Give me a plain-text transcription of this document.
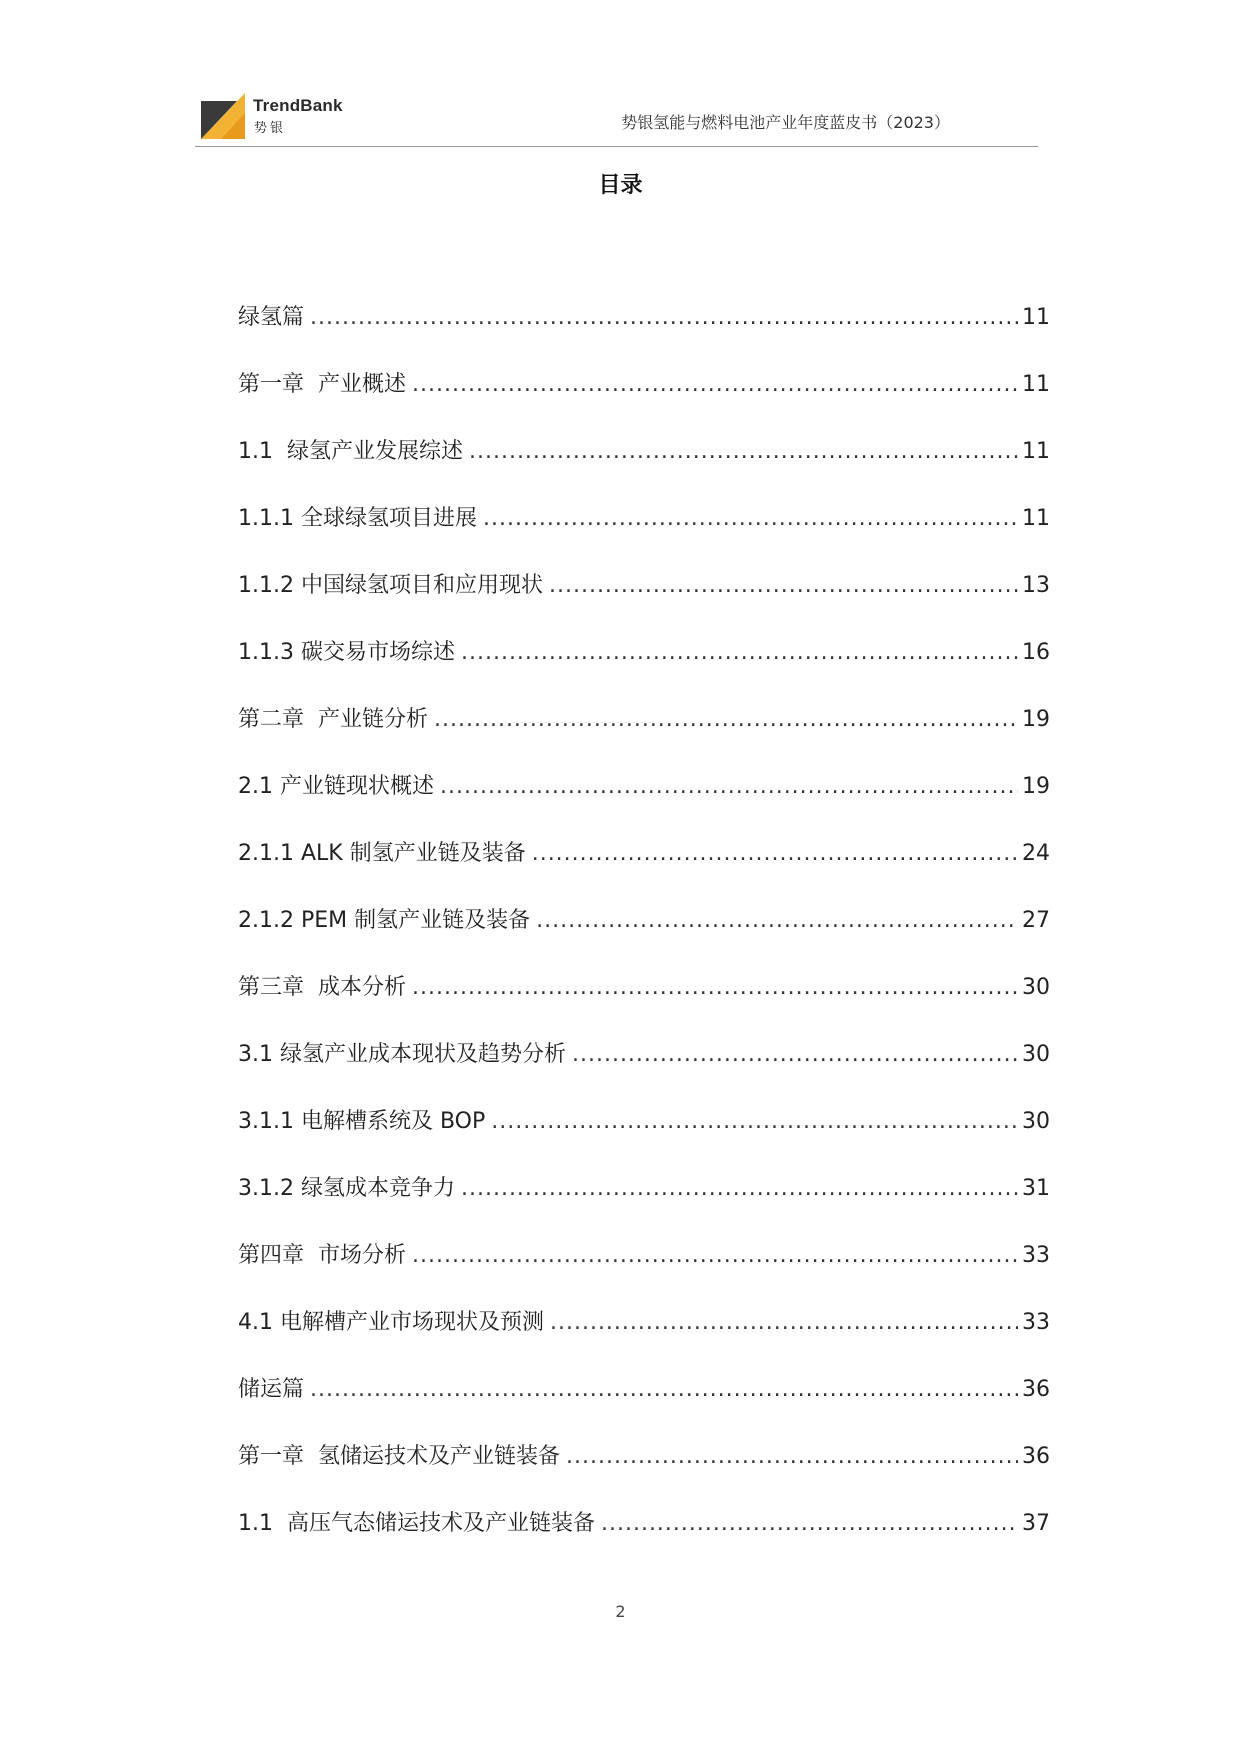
TrendBank
势银	势银氢能与燃料电池产业年度蓝皮书（2023）
目录
绿氢篇 .....	11
第一章  产业概述 .....	11
1.1  绿氢产业发展综述 .....	11
1.1.1 全球绿氢项目进展 .....	11
1.1.2 中国绿氢项目和应用现状 .....	13
1.1.3 碳交易市场综述 .....	16
第二章  产业链分析 .....	19
2.1 产业链现状概述 .....	19
2.1.1 ALK 制氢产业链及装备 .....	24
2.1.2 PEM 制氢产业链及装备 .....	27
第三章  成本分析 .....	30
3.1 绿氢产业成本现状及趋势分析 .....	30
3.1.1 电解槽系统及 BOP .....	30
3.1.2 绿氢成本竞争力 .....	31
第四章  市场分析 .....	33
4.1 电解槽产业市场现状及预测 .....	33
储运篇 .....	36
第一章  氢储运技术及产业链装备 .....	36
1.1  高压气态储运技术及产业链装备 .....	37
2
